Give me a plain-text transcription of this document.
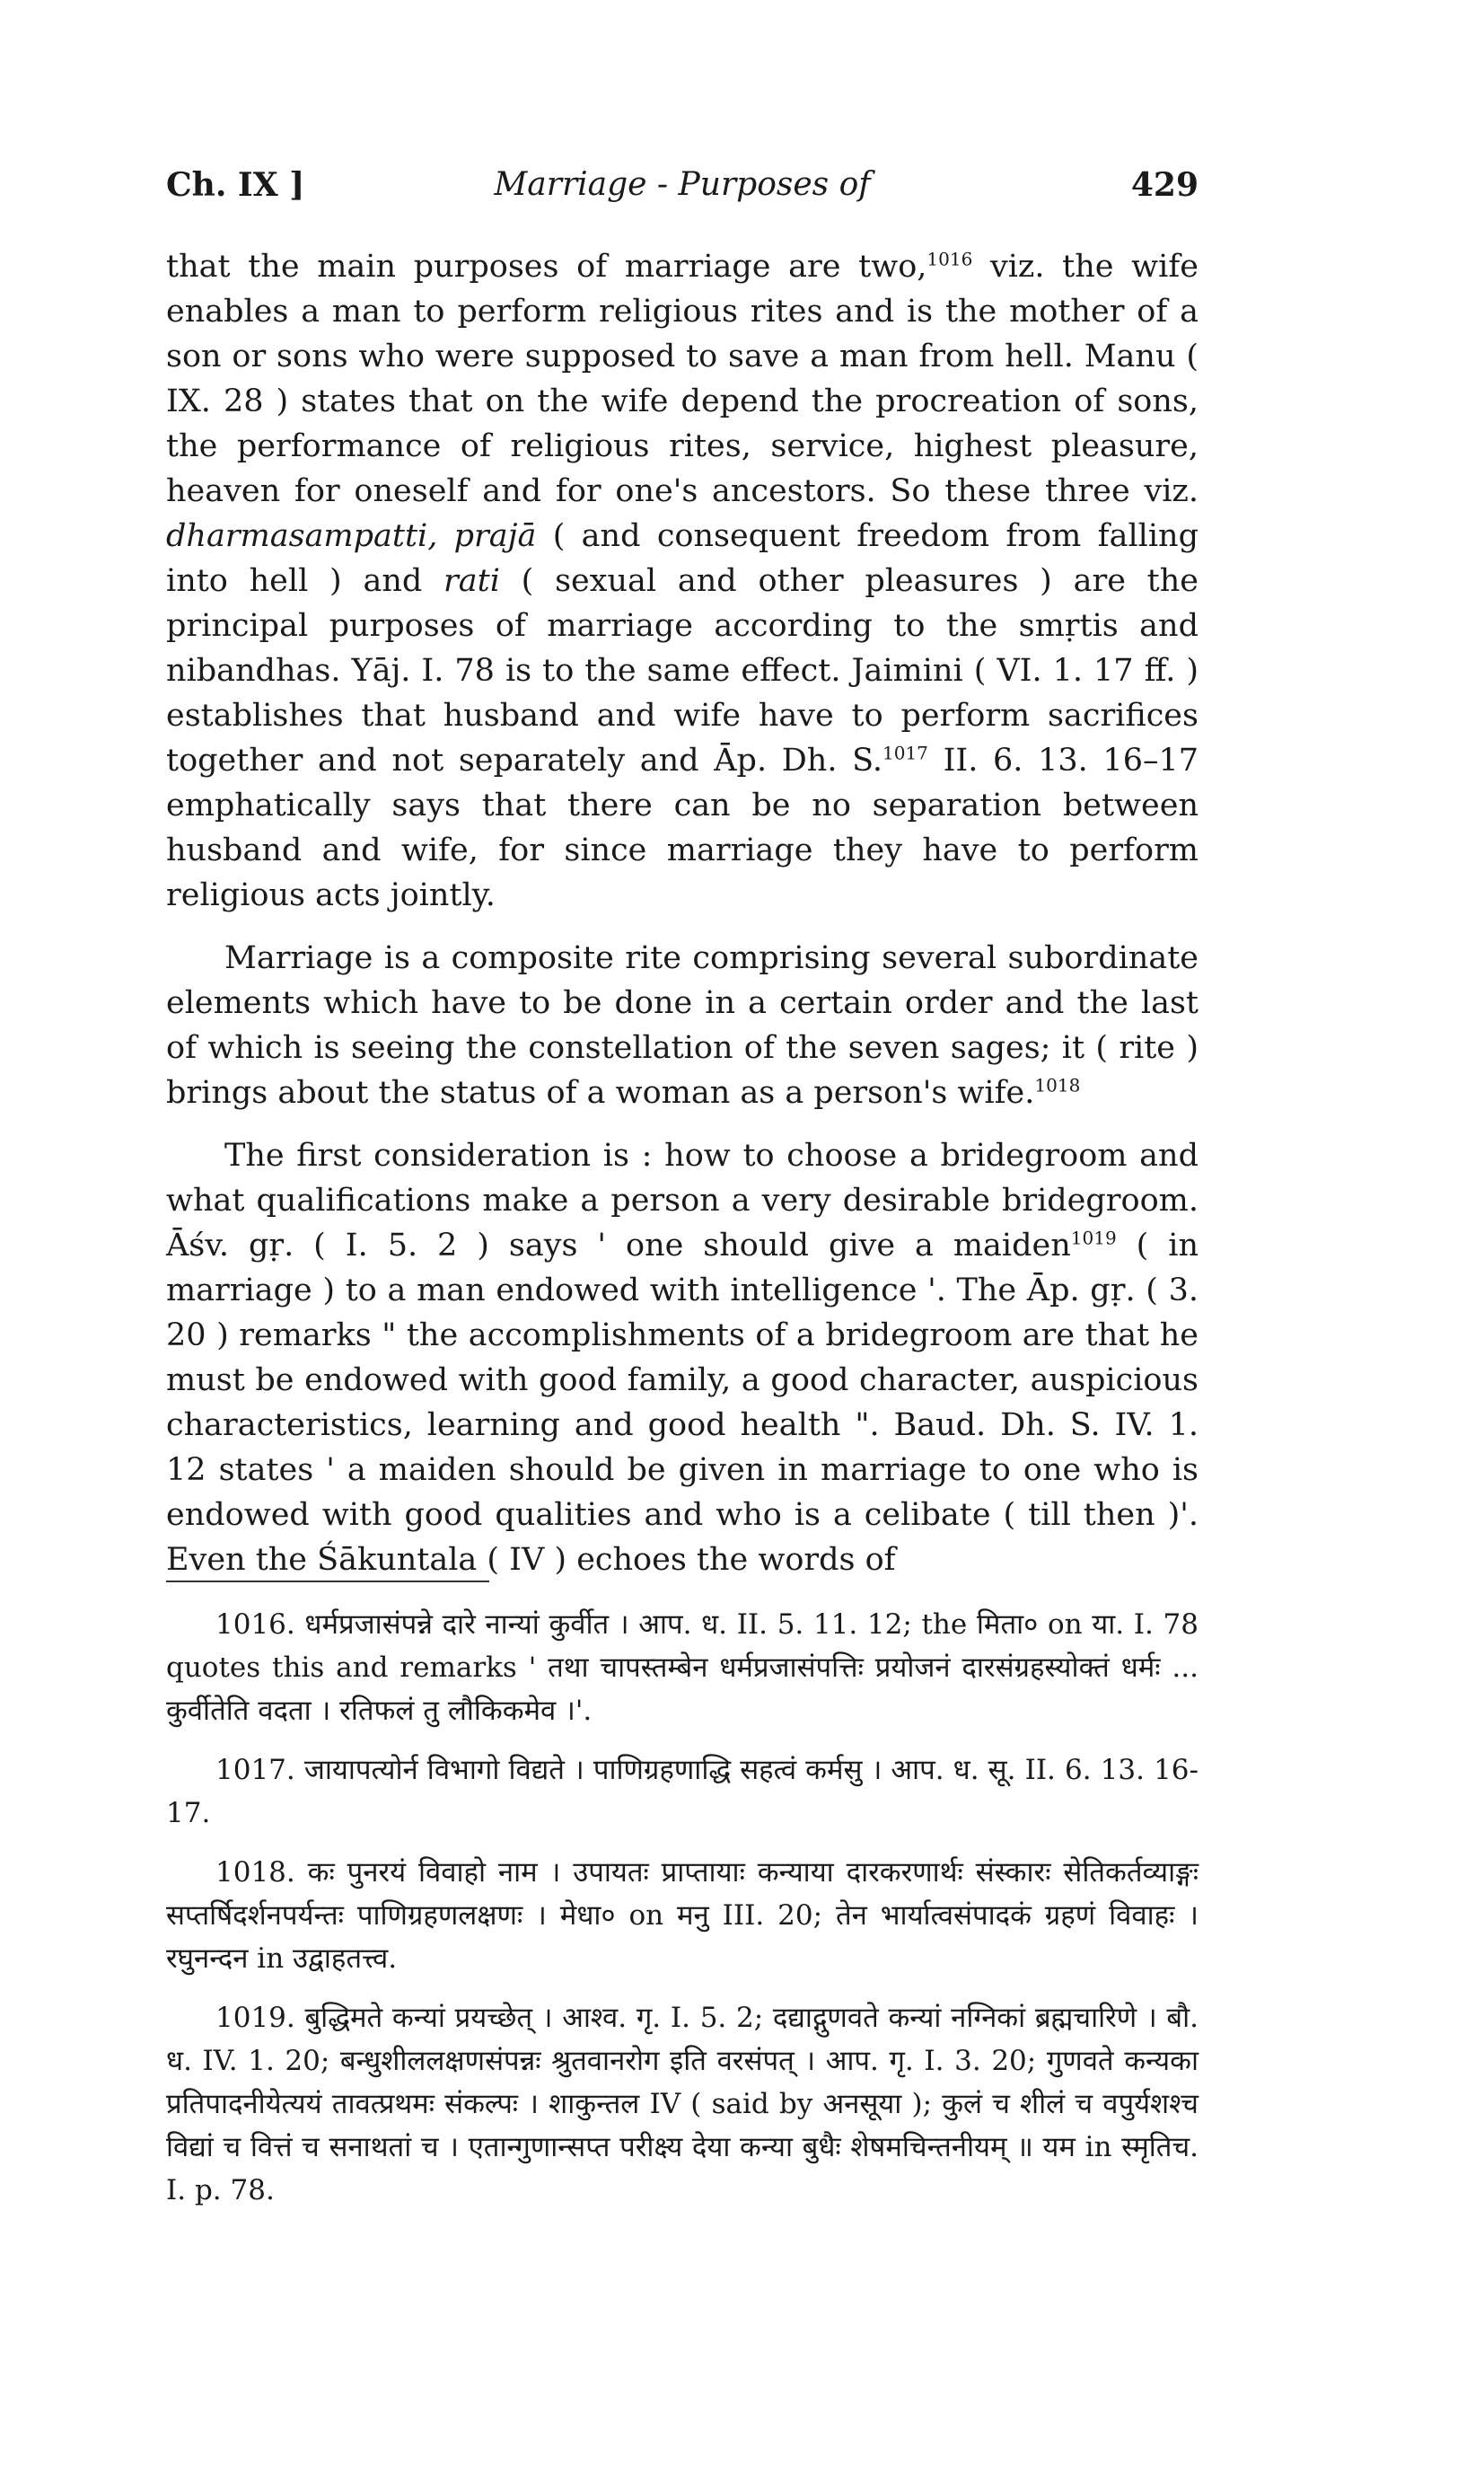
Ch. IX ]	Marriage - Purposes of	429

that the main purposes of marriage are two,$^{1016}$ viz. the wife enables a man to perform religious rites and is the mother of a son or sons who were supposed to save a man from hell. Manu ( IX. 28 ) states that on the wife depend the procreation of sons, the performance of religious rites, service, highest pleasure, heaven for oneself and for one's ancestors. So these three viz. dharmasampatti, prajā ( and consequent freedom from falling into hell ) and rati ( sexual and other pleasures ) are the principal purposes of marriage according to the smṛtis and nibandhas. Yāj. I. 78 is to the same effect. Jaimini ( VI. 1. 17 ff. ) establishes that husband and wife have to perform sacrifices together and not separately and Āp. Dh. S.$^{1017}$ II. 6. 13. 16–17 emphatically says that there can be no separation between husband and wife, for since marriage they have to perform religious acts jointly.

Marriage is a composite rite comprising several subordinate elements which have to be done in a certain order and the last of which is seeing the constellation of the seven sages; it ( rite ) brings about the status of a woman as a person's wife.$^{1018}$

The first consideration is : how to choose a bridegroom and what qualifications make a person a very desirable bridegroom. Āśv. gṛ. ( I. 5. 2 ) says ' one should give a maiden$^{1019}$ ( in marriage ) to a man endowed with intelligence '. The Āp. gṛ. ( 3. 20 ) remarks " the accomplishments of a bridegroom are that he must be endowed with good family, a good character, auspicious characteristics, learning and good health ". Baud. Dh. S. IV. 1. 12 states ' a maiden should be given in marriage to one who is endowed with good qualities and who is a celibate ( till then )'. Even the Śākuntala ( IV ) echoes the words of

1016. धर्मप्रजासंपन्ने दारे नान्यां कुर्वीत । आप. ध. II. 5. 11. 12; the मिता० on या. I. 78 quotes this and remarks ' तथा चापस्तम्बेन धर्मप्रजासंपत्तिः प्रयोजनं दारसंग्रहस्योक्तं धर्मः ... कुर्वीतेति वदता । रतिफलं तु लौकिकमेव ।'.

1017. जायापत्योर्न विभागो विद्यते । पाणिग्रहणाद्धि सहत्वं कर्मसु । आप. ध. सू. II. 6. 13. 16-17.

1018. कः पुनरयं विवाहो नाम । उपायतः प्राप्तायाः कन्याया दारकरणार्थः संस्कारः सेतिकर्तव्याङ्गः सप्तर्षिदर्शनपर्यन्तः पाणिग्रहणलक्षणः । मेधा० on मनु III. 20; तेन भार्यात्वसंपादकं ग्रहणं विवाहः । रघुनन्दन in उद्वाहतत्त्व.

1019. बुद्धिमते कन्यां प्रयच्छेत् । आश्व. गृ. I. 5. 2; दद्याद्गुणवते कन्यां नग्निकां ब्रह्मचारिणे । बौ. ध. IV. 1. 20; बन्धुशीललक्षणसंपन्नः श्रुतवानरोग इति वरसंपत् । आप. गृ. I. 3. 20; गुणवते कन्यका प्रतिपादनीयेत्ययं तावत्प्रथमः संकल्पः । शाकुन्तल IV ( said by अनसूया ); कुलं च शीलं च वपुर्यशश्च विद्यां च वित्तं च सनाथतां च । एतान्गुणान्सप्त परीक्ष्य देया कन्या बुधैः शेषमचिन्तनीयम् ॥ यम in स्मृतिच. I. p. 78.
